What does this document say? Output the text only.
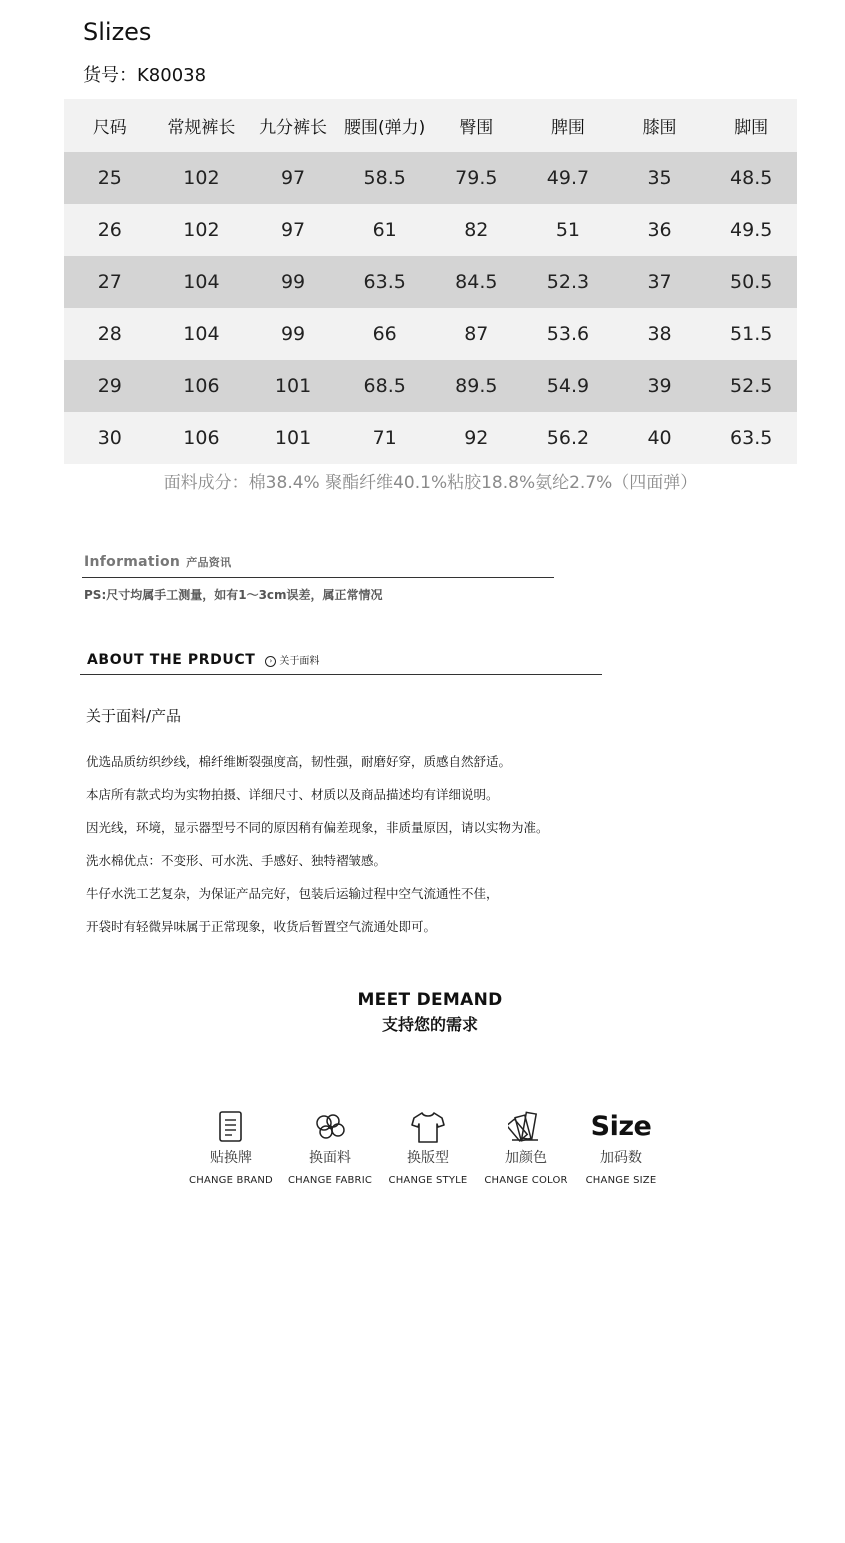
Slizes
货号：K80038
尺码	常规裤长	九分裤长	腰围(弹力)	臀围	脾围	膝围	脚围
25	102	97	58.5	79.5	49.7	35	48.5
26	102	97	61	82	51	36	49.5
27	104	99	63.5	84.5	52.3	37	50.5
28	104	99	66	87	53.6	38	51.5
29	106	101	68.5	89.5	54.9	39	52.5
30	106	101	71	92	56.2	40	63.5
面料成分：棉38.4% 聚酯纤维40.1%粘胶18.8%氨纶2.7%（四面弹）
Information 产品资讯
PS:尺寸均属手工测量，如有1～3cm误差，属正常情况
ABOUT THE PRDUCT › 关于面料
关于面料/产品
优选品质纺织纱线，棉纤维断裂强度高，韧性强，耐磨好穿，质感自然舒适。
本店所有款式均为实物拍摄、详细尺寸、材质以及商品描述均有详细说明。
因光线，环境，显示器型号不同的原因稍有偏差现象，非质量原因，请以实物为准。
洗水棉优点：不变形、可水洗、手感好、独特褶皱感。
牛仔水洗工艺复杂，为保证产品完好，包装后运输过程中空气流通性不佳，
开袋时有轻微异味属于正常现象，收货后暂置空气流通处即可。
MEET DEMAND
支持您的需求
贴换牌
CHANGE BRAND
换面料
CHANGE FABRIC
换版型
CHANGE STYLE
加颜色
CHANGE COLOR
Size
加码数
CHANGE SIZE
